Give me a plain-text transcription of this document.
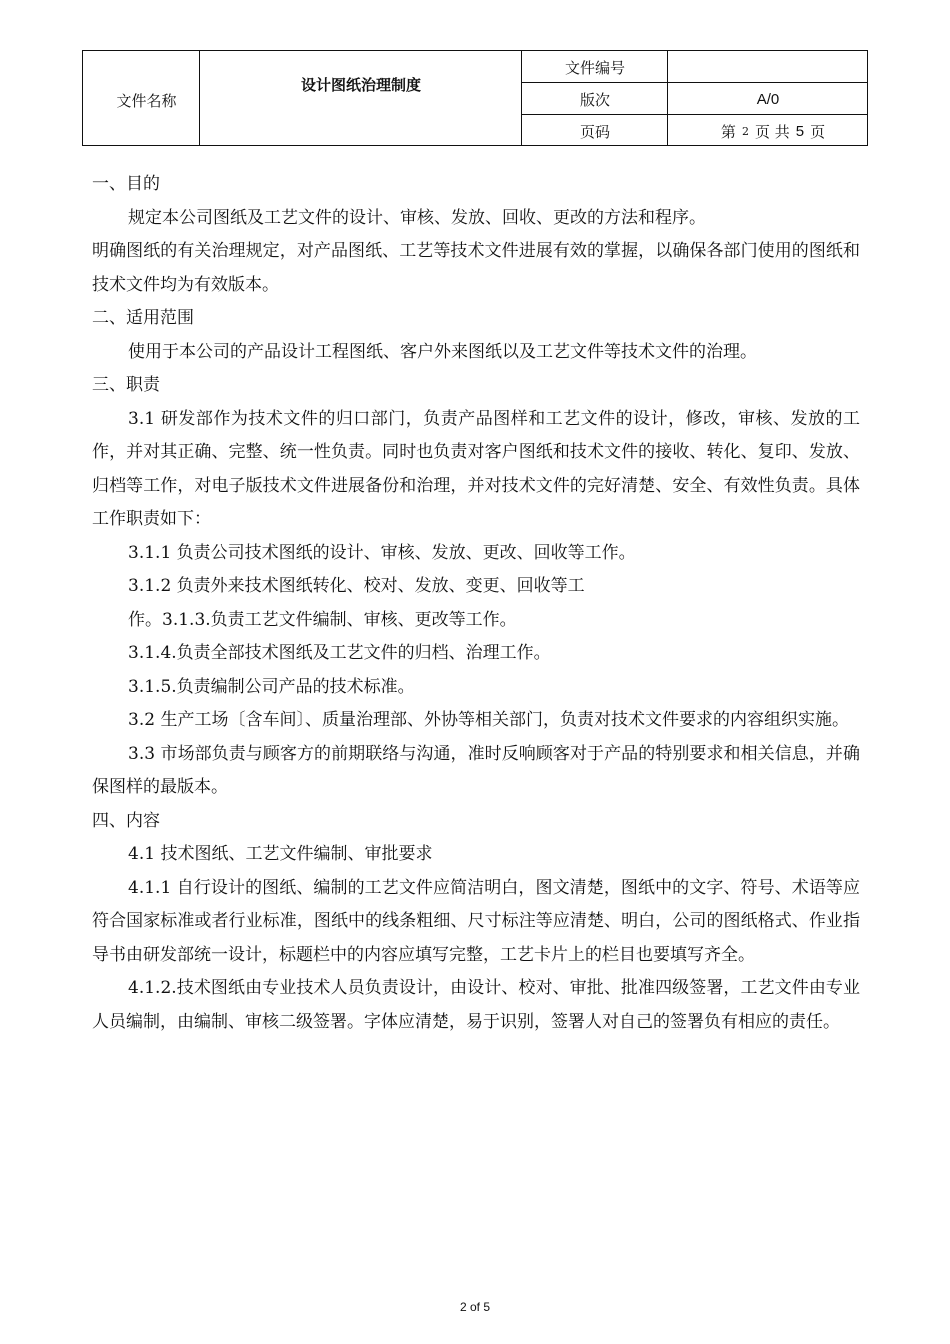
文件名称
设计图纸治理制度
文件编号
版次	A/0
页码	第 2 页 共 5 页

一、目的

规定本公司图纸及工艺文件的设计、审核、发放、回收、更改的方法和程序。

明确图纸的有关治理规定，对产品图纸、工艺等技术文件进展有效的掌握，以确保各部门使用的图纸和技术文件均为有效版本。

二、适用范围

使用于本公司的产品设计工程图纸、客户外来图纸以及工艺文件等技术文件的治理。

三、职责

3.1 研发部作为技术文件的归口部门，负责产品图样和工艺文件的设计，修改，审核、发放的工作，并对其正确、完整、统一性负责。同时也负责对客户图纸和技术文件的接收、转化、复印、发放、归档等工作，对电子版技术文件进展备份和治理，并对技术文件的完好清楚、安全、有效性负责。具体工作职责如下：

3.1.1 负责公司技术图纸的设计、审核、发放、更改、回收等工作。

3.1.2 负责外来技术图纸转化、校对、发放、变更、回收等工

作。3.1.3.负责工艺文件编制、审核、更改等工作。

3.1.4.负责全部技术图纸及工艺文件的归档、治理工作。

3.1.5.负责编制公司产品的技术标准。

3.2 生产工场〔含车间〕、质量治理部、外协等相关部门，负责对技术文件要求的内容组织实施。

3.3 市场部负责与顾客方的前期联络与沟通，准时反响顾客对于产品的特别要求和相关信息，并确保图样的最版本。

四、内容

4.1 技术图纸、工艺文件编制、审批要求

4.1.1 自行设计的图纸、编制的工艺文件应简洁明白，图文清楚，图纸中的文字、符号、术语等应符合国家标准或者行业标准，图纸中的线条粗细、尺寸标注等应清楚、明白，公司的图纸格式、作业指导书由研发部统一设计，标题栏中的内容应填写完整，工艺卡片上的栏目也要填写齐全。

4.1.2.技术图纸由专业技术人员负责设计，由设计、校对、审批、批准四级签署，工艺文件由专业人员编制，由编制、审核二级签署。字体应清楚，易于识别，签署人对自己的签署负有相应的责任。

2 of 5
